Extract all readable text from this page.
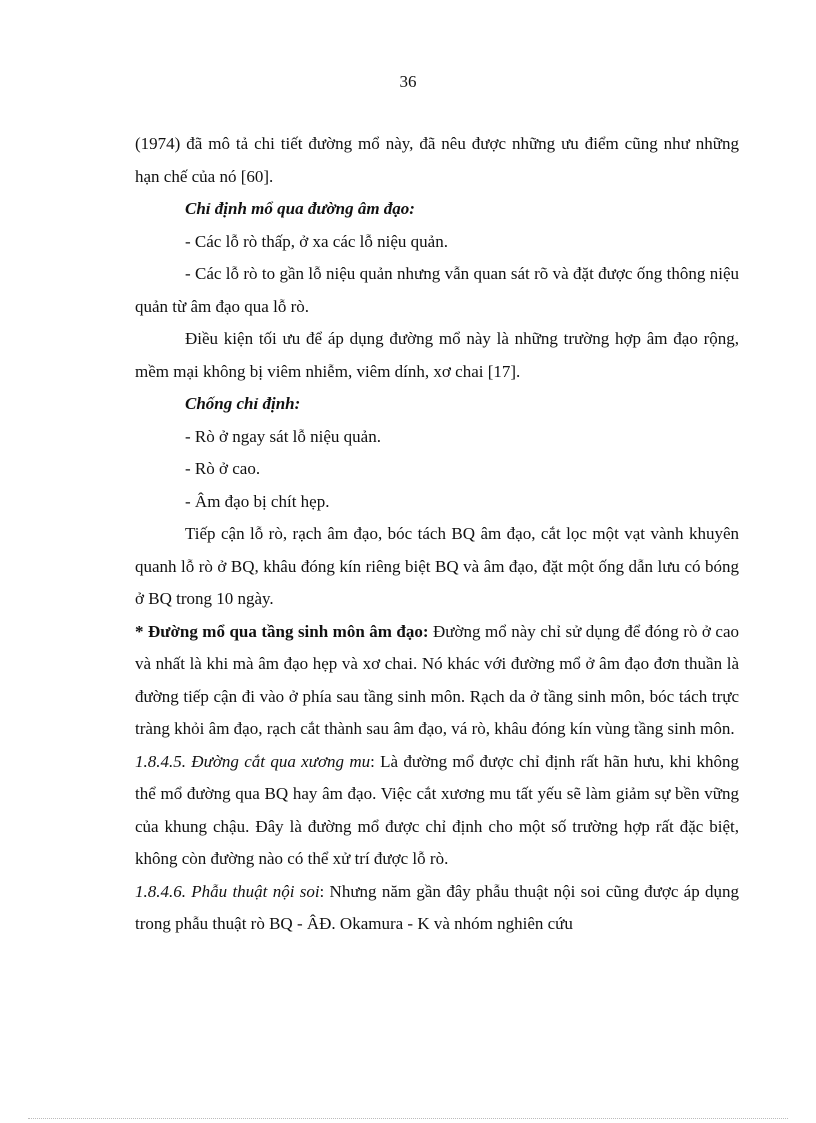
36

(1974) đã mô tả chi tiết đường mổ này, đã nêu được những ưu điểm cũng như những hạn chế của nó [60].

Chỉ định mổ qua đường âm đạo:

- Các lỗ rò thấp, ở xa các lỗ niệu quản.

- Các lỗ rò to gần lỗ niệu quản nhưng vẫn quan sát rõ và đặt được ống thông niệu quản từ âm đạo qua lỗ rò.

Điều kiện tối ưu để áp dụng đường mổ này là những trường hợp âm đạo rộng, mềm mại không bị viêm nhiễm, viêm dính, xơ chai [17].

Chống chỉ định:

- Rò ở ngay sát lỗ niệu quản.

- Rò ở cao.

- Âm đạo bị chít hẹp.

Tiếp cận lỗ rò, rạch âm đạo, bóc tách BQ âm đạo, cắt lọc một vạt vành khuyên quanh lỗ rò ở BQ, khâu đóng kín riêng biệt BQ và âm đạo, đặt một ống dẫn lưu có bóng ở BQ trong 10 ngày.

* Đường mổ qua tầng sinh môn âm đạo: Đường mổ này chỉ sử dụng để đóng rò ở cao và nhất là khi mà âm đạo hẹp và xơ chai. Nó khác với đường mổ ở âm đạo đơn thuần là đường tiếp cận đi vào ở phía sau tầng sinh môn. Rạch da ở tầng sinh môn, bóc tách trực tràng khỏi âm đạo, rạch cắt thành sau âm đạo, vá rò, khâu đóng kín vùng tầng sinh môn.

1.8.4.5. Đường cắt qua xương mu: Là đường mổ được chỉ định rất hãn hưu, khi không thể mổ đường qua BQ hay âm đạo. Việc cắt xương mu tất yếu sẽ làm giảm sự bền vững của khung chậu. Đây là đường mổ được chỉ định cho một số trường hợp rất đặc biệt, không còn đường nào có thể xử trí được lỗ rò.

1.8.4.6. Phẫu thuật nội soi: Nhưng năm gần đây phẫu thuật nội soi cũng được áp dụng trong phẫu thuật rò BQ - ÂĐ. Okamura - K và nhóm nghiên cứu
